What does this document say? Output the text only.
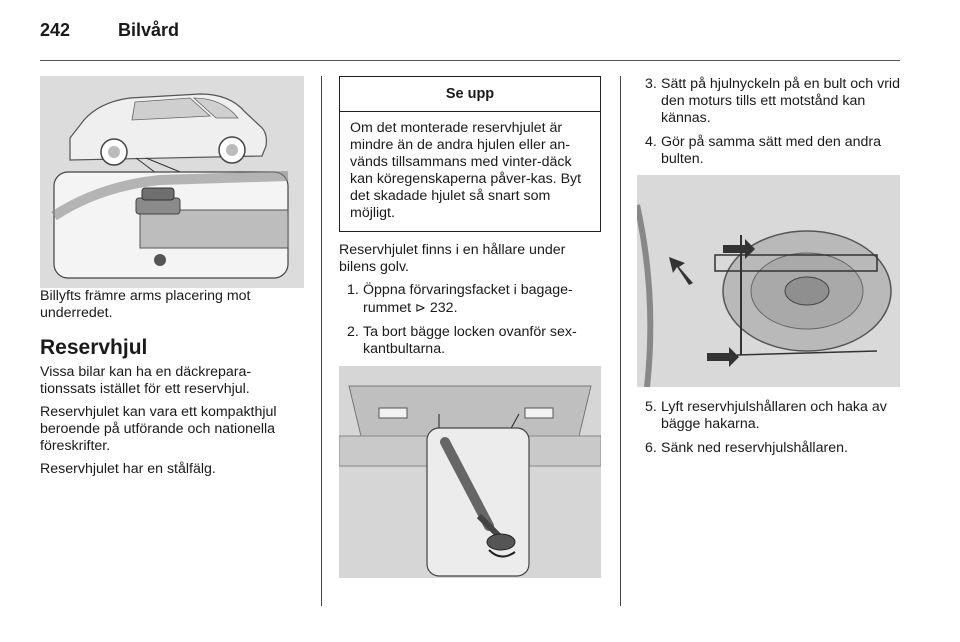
242	Bilvård

Billyfts främre arms placering mot underredet.

Reservhjul

Vissa bilar kan ha en däckrepara-tionssats istället för ett reservhjul.

Reservhjulet kan vara ett kompakthjul beroende på utförande och nationella föreskrifter.

Reservhjulet har en stålfälg.

Se upp
Om det monterade reservhjulet är mindre än de andra hjulen eller an-vänds tillsammans med vinter-däck kan köregenskaperna påver-kas. Byt det skadade hjulet så snart som möjligt.

Reservhjulet finns i en hållare under bilens golv.

1. Öppna förvaringsfacket i bagage-rummet ⊳ 232.
2. Ta bort bägge locken ovanför sex-kantbultarna.
3. Sätt på hjulnyckeln på en bult och vrid den moturs tills ett motstånd kan kännas.
4. Gör på samma sätt med den andra bulten.
5. Lyft reservhjulshållaren och haka av bägge hakarna.
6. Sänk ned reservhjulshållaren.
